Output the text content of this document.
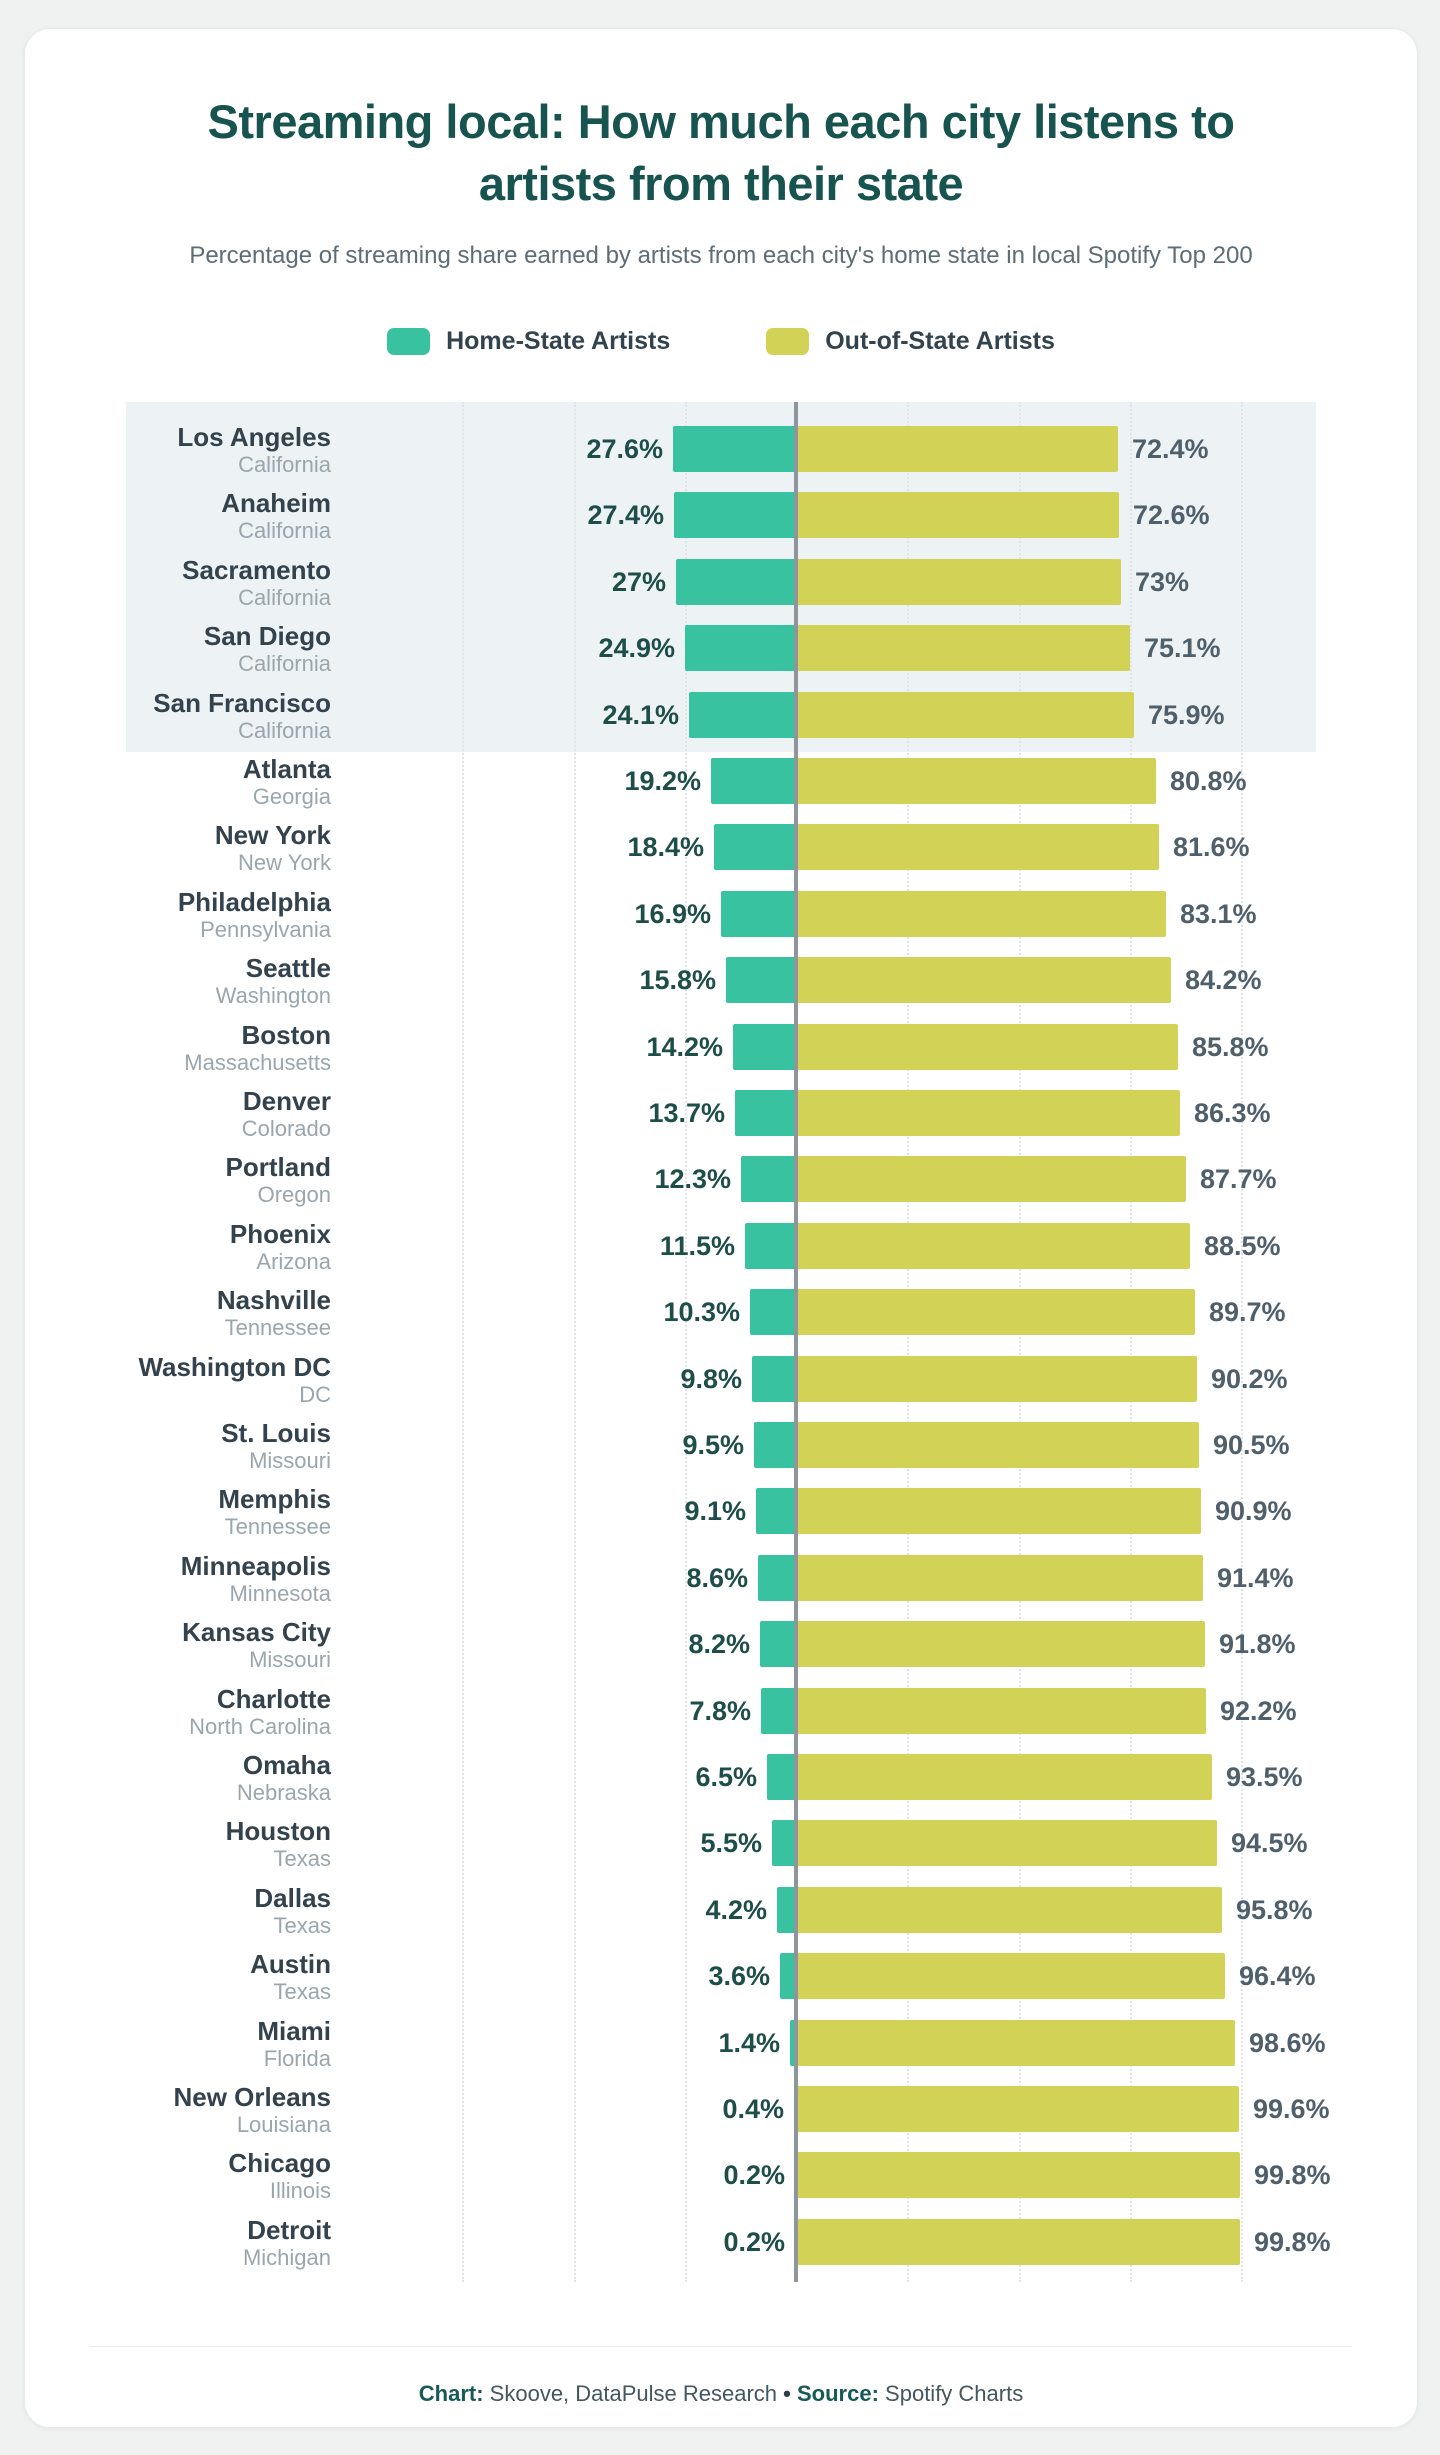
Streaming local: How much each city listens to artists from their state
Percentage of streaming share earned by artists from each city's home state in local Spotify Top 200
Home-State Artists	Out-of-State Artists
Los Angeles
California
27.6%	72.4%
Anaheim
California
27.4%	72.6%
Sacramento
California
27%	73%
San Diego
California
24.9%	75.1%
San Francisco
California
24.1%	75.9%
Atlanta
Georgia
19.2%	80.8%
New York
New York
18.4%	81.6%
Philadelphia
Pennsylvania
16.9%	83.1%
Seattle
Washington
15.8%	84.2%
Boston
Massachusetts
14.2%	85.8%
Denver
Colorado
13.7%	86.3%
Portland
Oregon
12.3%	87.7%
Phoenix
Arizona
11.5%	88.5%
Nashville
Tennessee
10.3%	89.7%
Washington DC
DC
9.8%	90.2%
St. Louis
Missouri
9.5%	90.5%
Memphis
Tennessee
9.1%	90.9%
Minneapolis
Minnesota
8.6%	91.4%
Kansas City
Missouri
8.2%	91.8%
Charlotte
North Carolina
7.8%	92.2%
Omaha
Nebraska
6.5%	93.5%
Houston
Texas
5.5%	94.5%
Dallas
Texas
4.2%	95.8%
Austin
Texas
3.6%	96.4%
Miami
Florida
1.4%	98.6%
New Orleans
Louisiana
0.4%	99.6%
Chicago
Illinois
0.2%	99.8%
Detroit
Michigan
0.2%	99.8%
Chart: Skoove, DataPulse Research • Source: Spotify Charts
